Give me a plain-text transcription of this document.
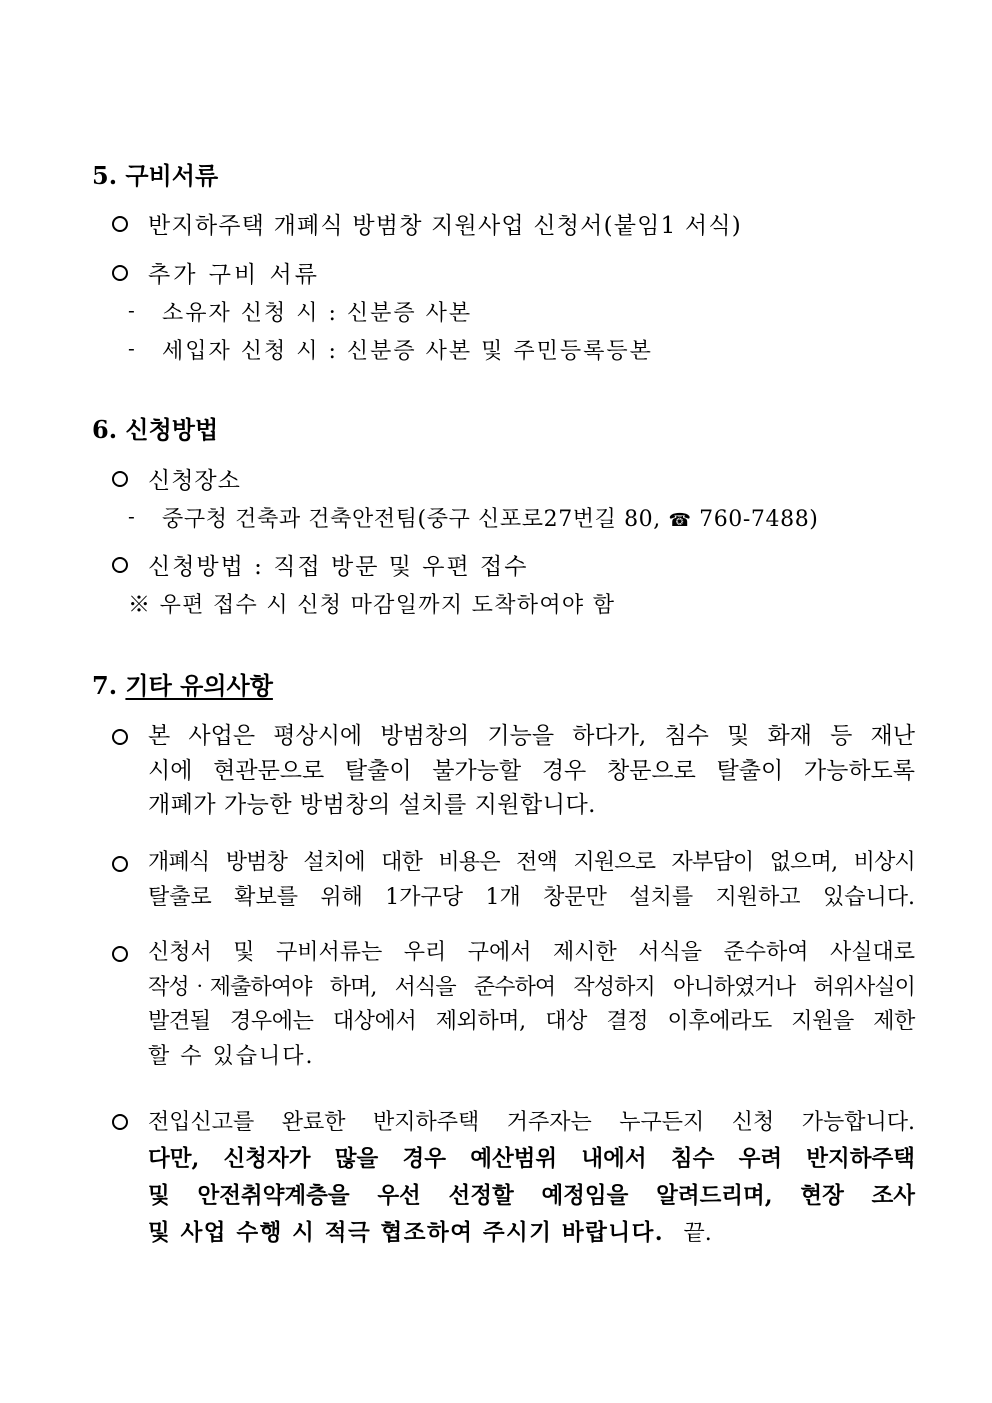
5. 구비서류
반지하주택 개폐식 방범창 지원사업 신청서(붙임1 서식)
추가 구비 서류
- 소유자 신청 시 : 신분증 사본
- 세입자 신청 시 : 신분증 사본 및 주민등록등본
6. 신청방법
신청장소
- 중구청 건축과 건축안전팀(중구 신포로27번길 80, ☎ 760-7488)
신청방법 : 직접 방문 및 우편 접수
※ 우편 접수 시 신청 마감일까지 도착하여야 함
7. 기타 유의사항
본 사업은 평상시에 방범창의 기능을 하다가, 침수 및 화재 등 재난
시에 현관문으로 탈출이 불가능할 경우 창문으로 탈출이 가능하도록
개폐가 가능한 방범창의 설치를 지원합니다.
개폐식 방범창 설치에 대한 비용은 전액 지원으로 자부담이 없으며, 비상시
탈출로 확보를 위해 1가구당 1개 창문만 설치를 지원하고 있습니다.
신청서 및 구비서류는 우리 구에서 제시한 서식을 준수하여 사실대로
작성‧제출하여야 하며, 서식을 준수하여 작성하지 아니하였거나 허위사실이
발견될 경우에는 대상에서 제외하며, 대상 결정 이후에라도 지원을 제한
할 수 있습니다.
전입신고를 완료한 반지하주택 거주자는 누구든지 신청 가능합니다.
다만, 신청자가 많을 경우 예산범위 내에서 침수 우려 반지하주택
및 안전취약계층을 우선 선정할 예정임을 알려드리며, 현장 조사
및 사업 수행 시 적극 협조하여 주시기 바랍니다. 끝.
